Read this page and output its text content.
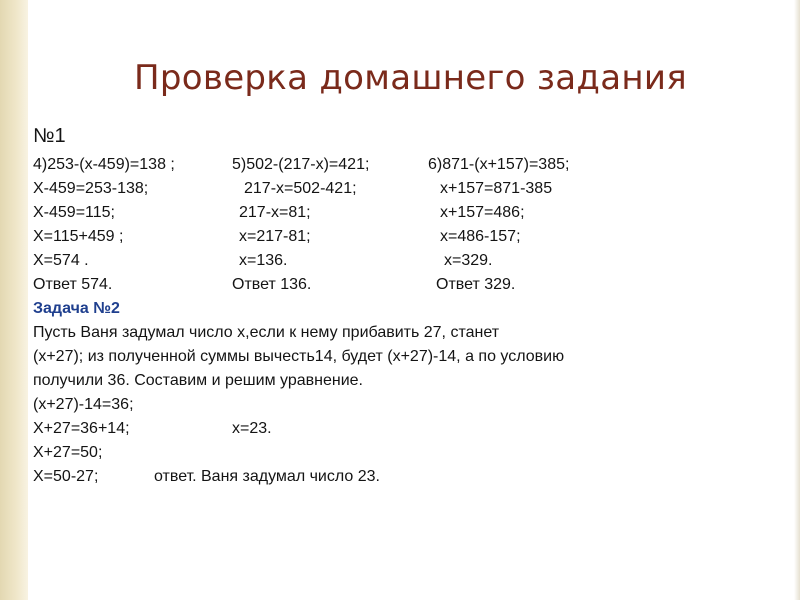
Проверка домашнего задания
№1
4)253-(x-459)=138 ;	5)502-(217-x)=421;	6)871-(x+157)=385;
X-459=253-138;	217-x=502-421;	x+157=871-385
X-459=115;	217-x=81;	x+157=486;
X=115+459 ;	x=217-81;	x=486-157;
X=574 .	x=136.	x=329.
Ответ 574.	Ответ 136.	Ответ 329.
Задача №2
Пусть Ваня задумал число x,если к нему прибавить 27, станет
(x+27); из полученной суммы вычесть14, будет (x+27)-14, а по условию
получили 36. Составим и решим уравнение.
(x+27)-14=36;
X+27=36+14;	x=23.
X+27=50;
X=50-27;	ответ. Ваня задумал число 23.
